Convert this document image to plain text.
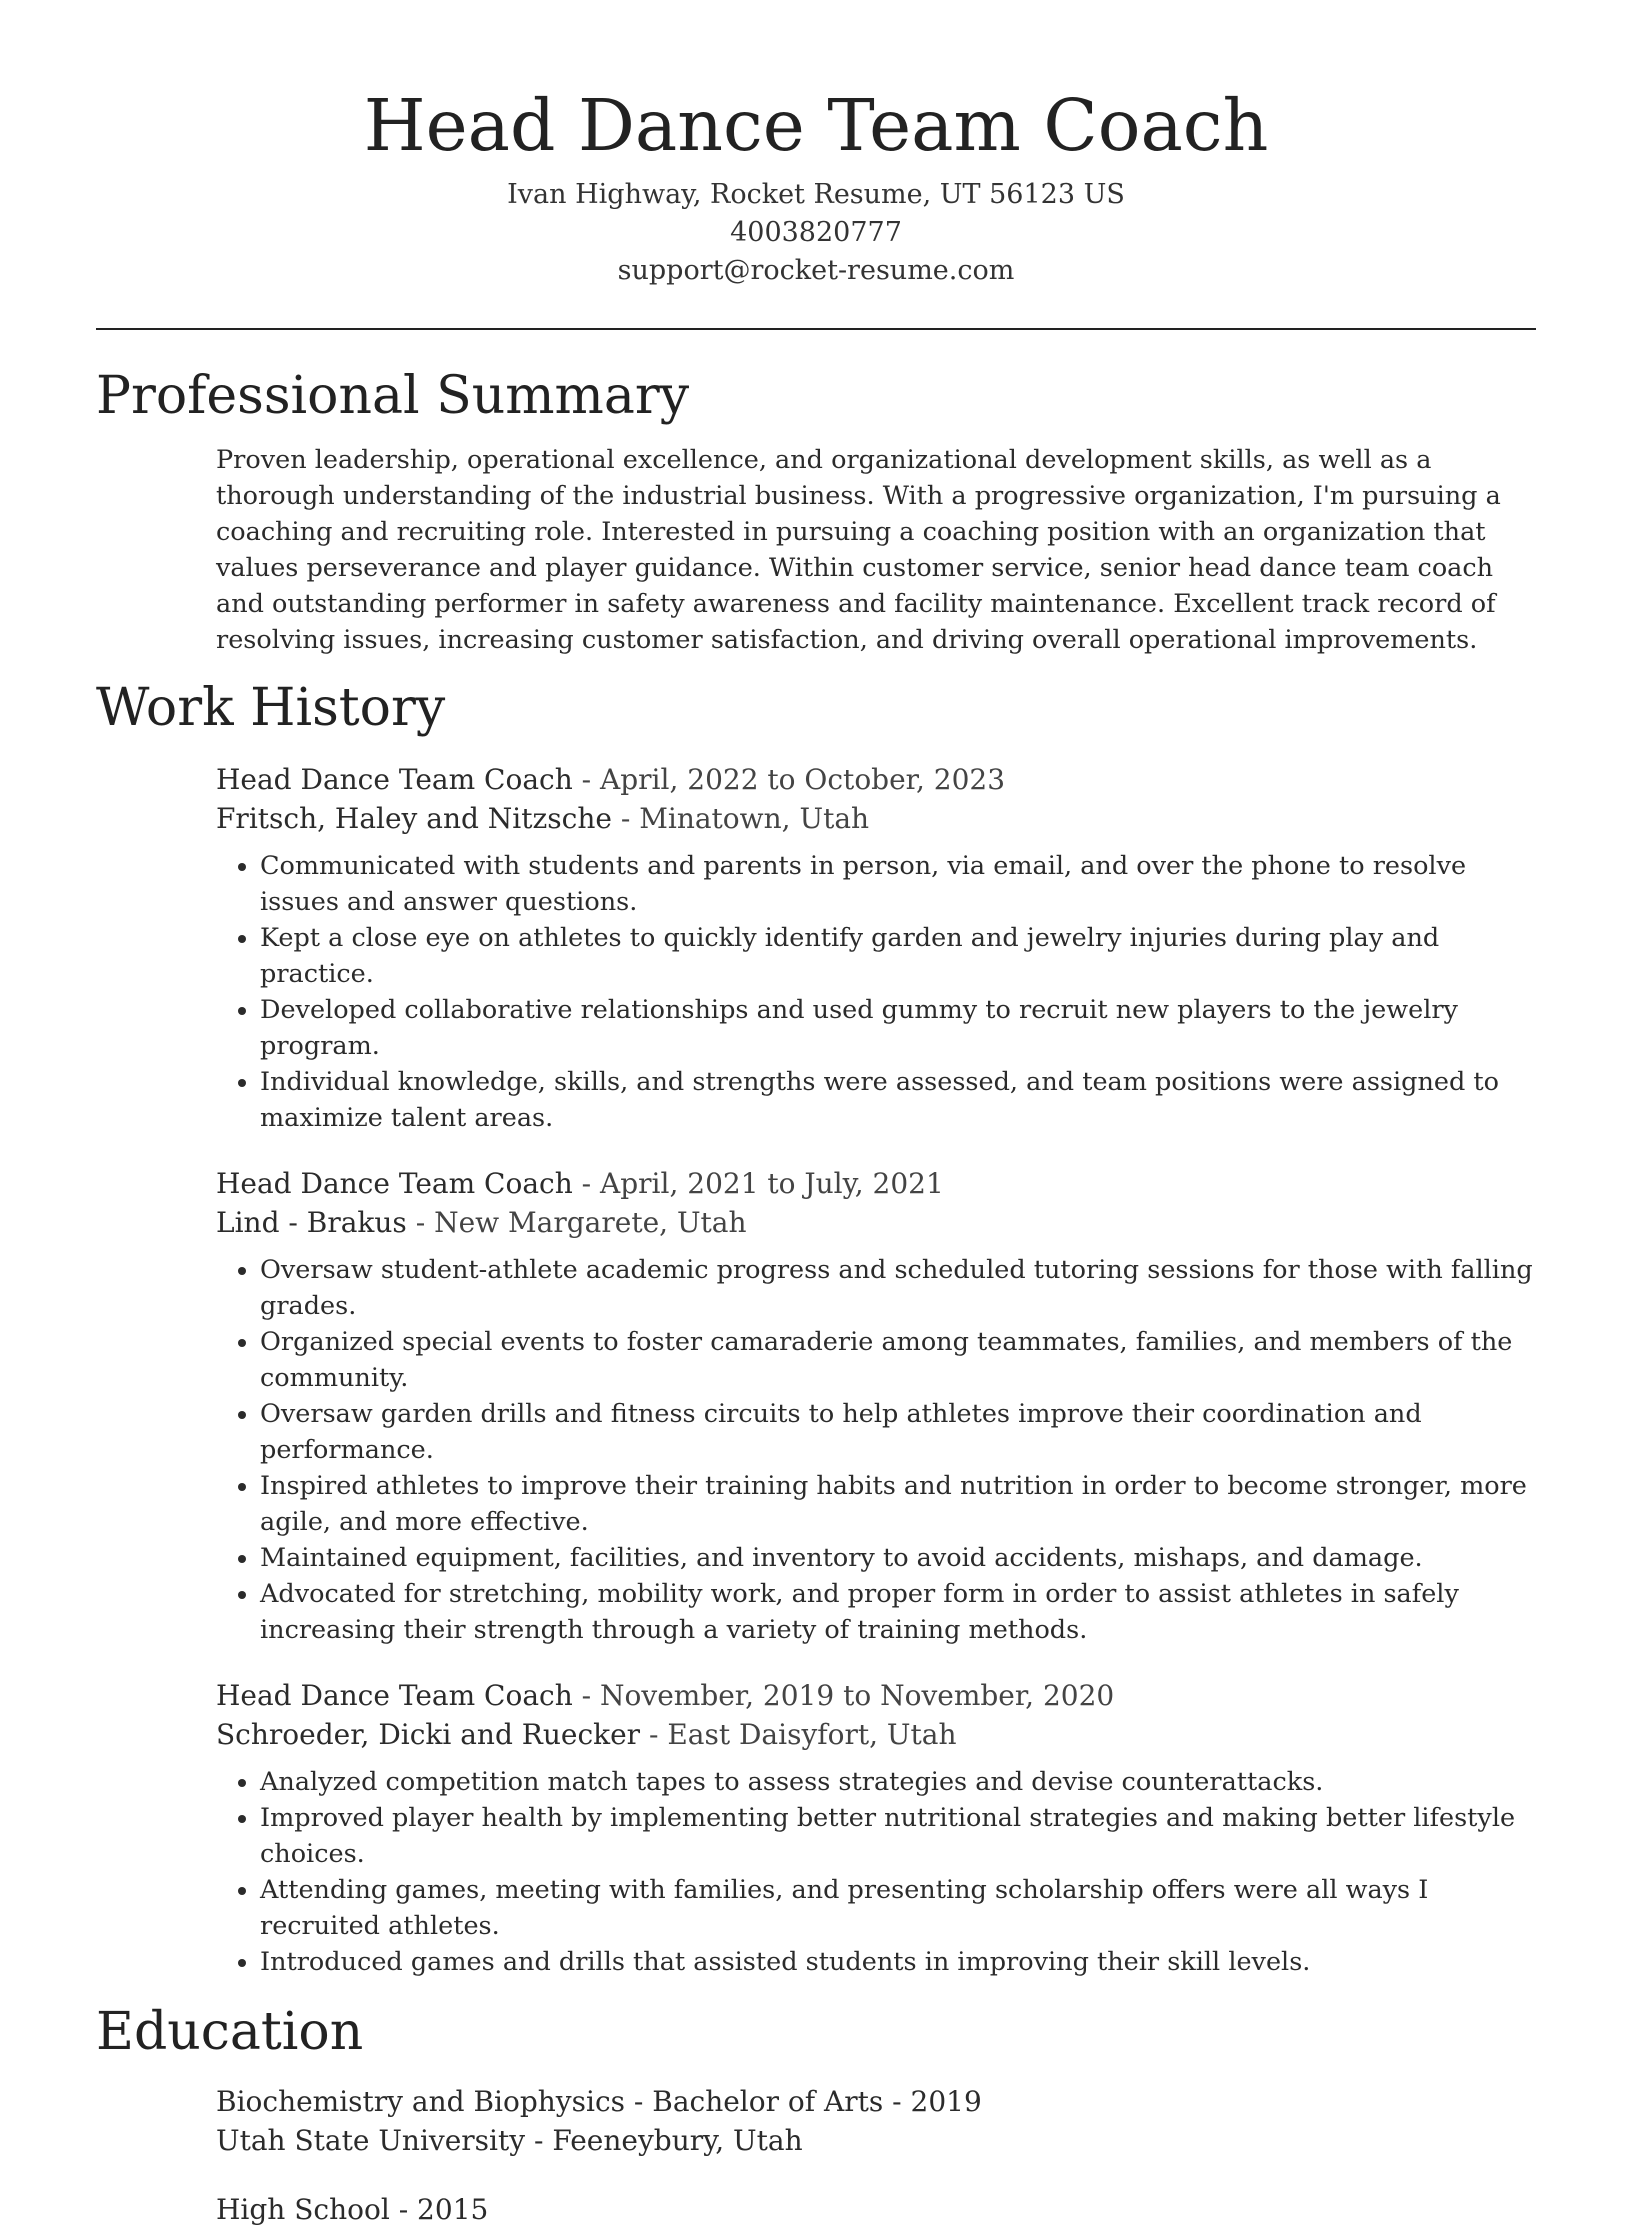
Head Dance Team Coach
Ivan Highway, Rocket Resume, UT 56123 US
4003820777
support@rocket-resume.com
Professional Summary
Proven leadership, operational excellence, and organizational development skills, as well as a thorough understanding of the industrial business. With a progressive organization, I'm pursuing a coaching and recruiting role. Interested in pursuing a coaching position with an organization that values perseverance and player guidance. Within customer service, senior head dance team coach and outstanding performer in safety awareness and facility maintenance. Excellent track record of resolving issues, increasing customer satisfaction, and driving overall operational improvements.
Work History
Head Dance Team Coach - April, 2022 to October, 2023
Fritsch, Haley and Nitzsche - Minatown, Utah
• Communicated with students and parents in person, via email, and over the phone to resolve issues and answer questions.
• Kept a close eye on athletes to quickly identify garden and jewelry injuries during play and practice.
• Developed collaborative relationships and used gummy to recruit new players to the jewelry program.
• Individual knowledge, skills, and strengths were assessed, and team positions were assigned to maximize talent areas.
Head Dance Team Coach - April, 2021 to July, 2021
Lind - Brakus - New Margarete, Utah
• Oversaw student-athlete academic progress and scheduled tutoring sessions for those with falling grades.
• Organized special events to foster camaraderie among teammates, families, and members of the community.
• Oversaw garden drills and fitness circuits to help athletes improve their coordination and performance.
• Inspired athletes to improve their training habits and nutrition in order to become stronger, more agile, and more effective.
• Maintained equipment, facilities, and inventory to avoid accidents, mishaps, and damage.
• Advocated for stretching, mobility work, and proper form in order to assist athletes in safely increasing their strength through a variety of training methods.
Head Dance Team Coach - November, 2019 to November, 2020
Schroeder, Dicki and Ruecker - East Daisyfort, Utah
• Analyzed competition match tapes to assess strategies and devise counterattacks.
• Improved player health by implementing better nutritional strategies and making better lifestyle choices.
• Attending games, meeting with families, and presenting scholarship offers were all ways I recruited athletes.
• Introduced games and drills that assisted students in improving their skill levels.
Education
Biochemistry and Biophysics - Bachelor of Arts - 2019
Utah State University - Feeneybury, Utah
High School - 2015
